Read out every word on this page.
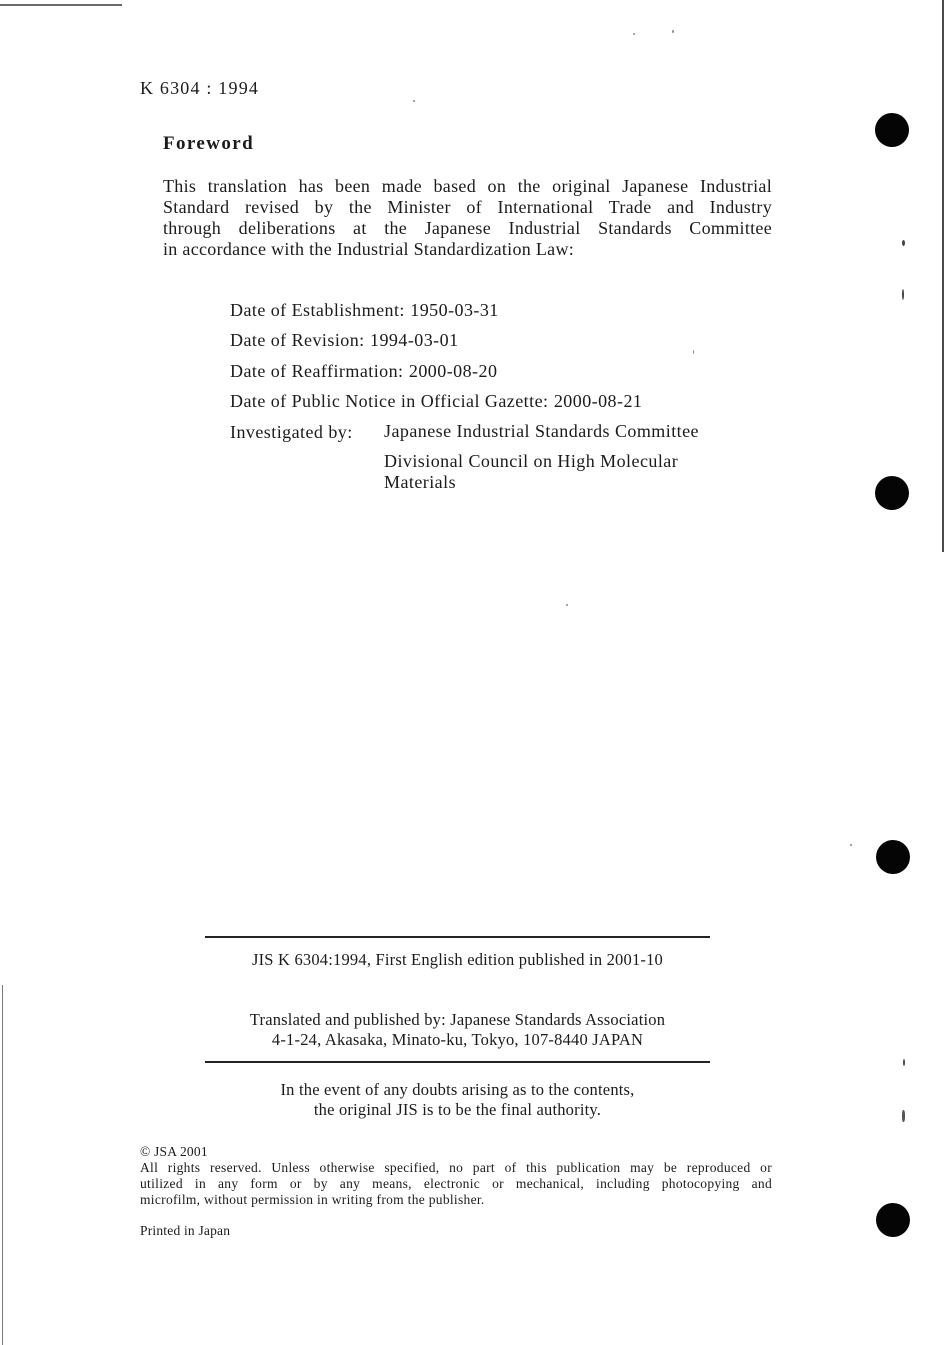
K 6304 : 1994
Foreword
This translation has been made based on the original Japanese Industrial
Standard revised by the Minister of International Trade and Industry
through deliberations at the Japanese Industrial Standards Committee
in accordance with the Industrial Standardization Law:
Date of Establishment: 1950-03-31
Date of Revision: 1994-03-01
Date of Reaffirmation: 2000-08-20
Date of Public Notice in Official Gazette: 2000-08-21
Investigated by: Japanese Industrial Standards Committee
Divisional Council on High Molecular
Materials
JIS K 6304:1994, First English edition published in 2001-10
Translated and published by: Japanese Standards Association
4-1-24, Akasaka, Minato-ku, Tokyo, 107-8440 JAPAN
In the event of any doubts arising as to the contents,
the original JIS is to be the final authority.
© JSA 2001
All rights reserved. Unless otherwise specified, no part of this publication may be reproduced or
utilized in any form or by any means, electronic or mechanical, including photocopying and
microfilm, without permission in writing from the publisher.
Printed in Japan
